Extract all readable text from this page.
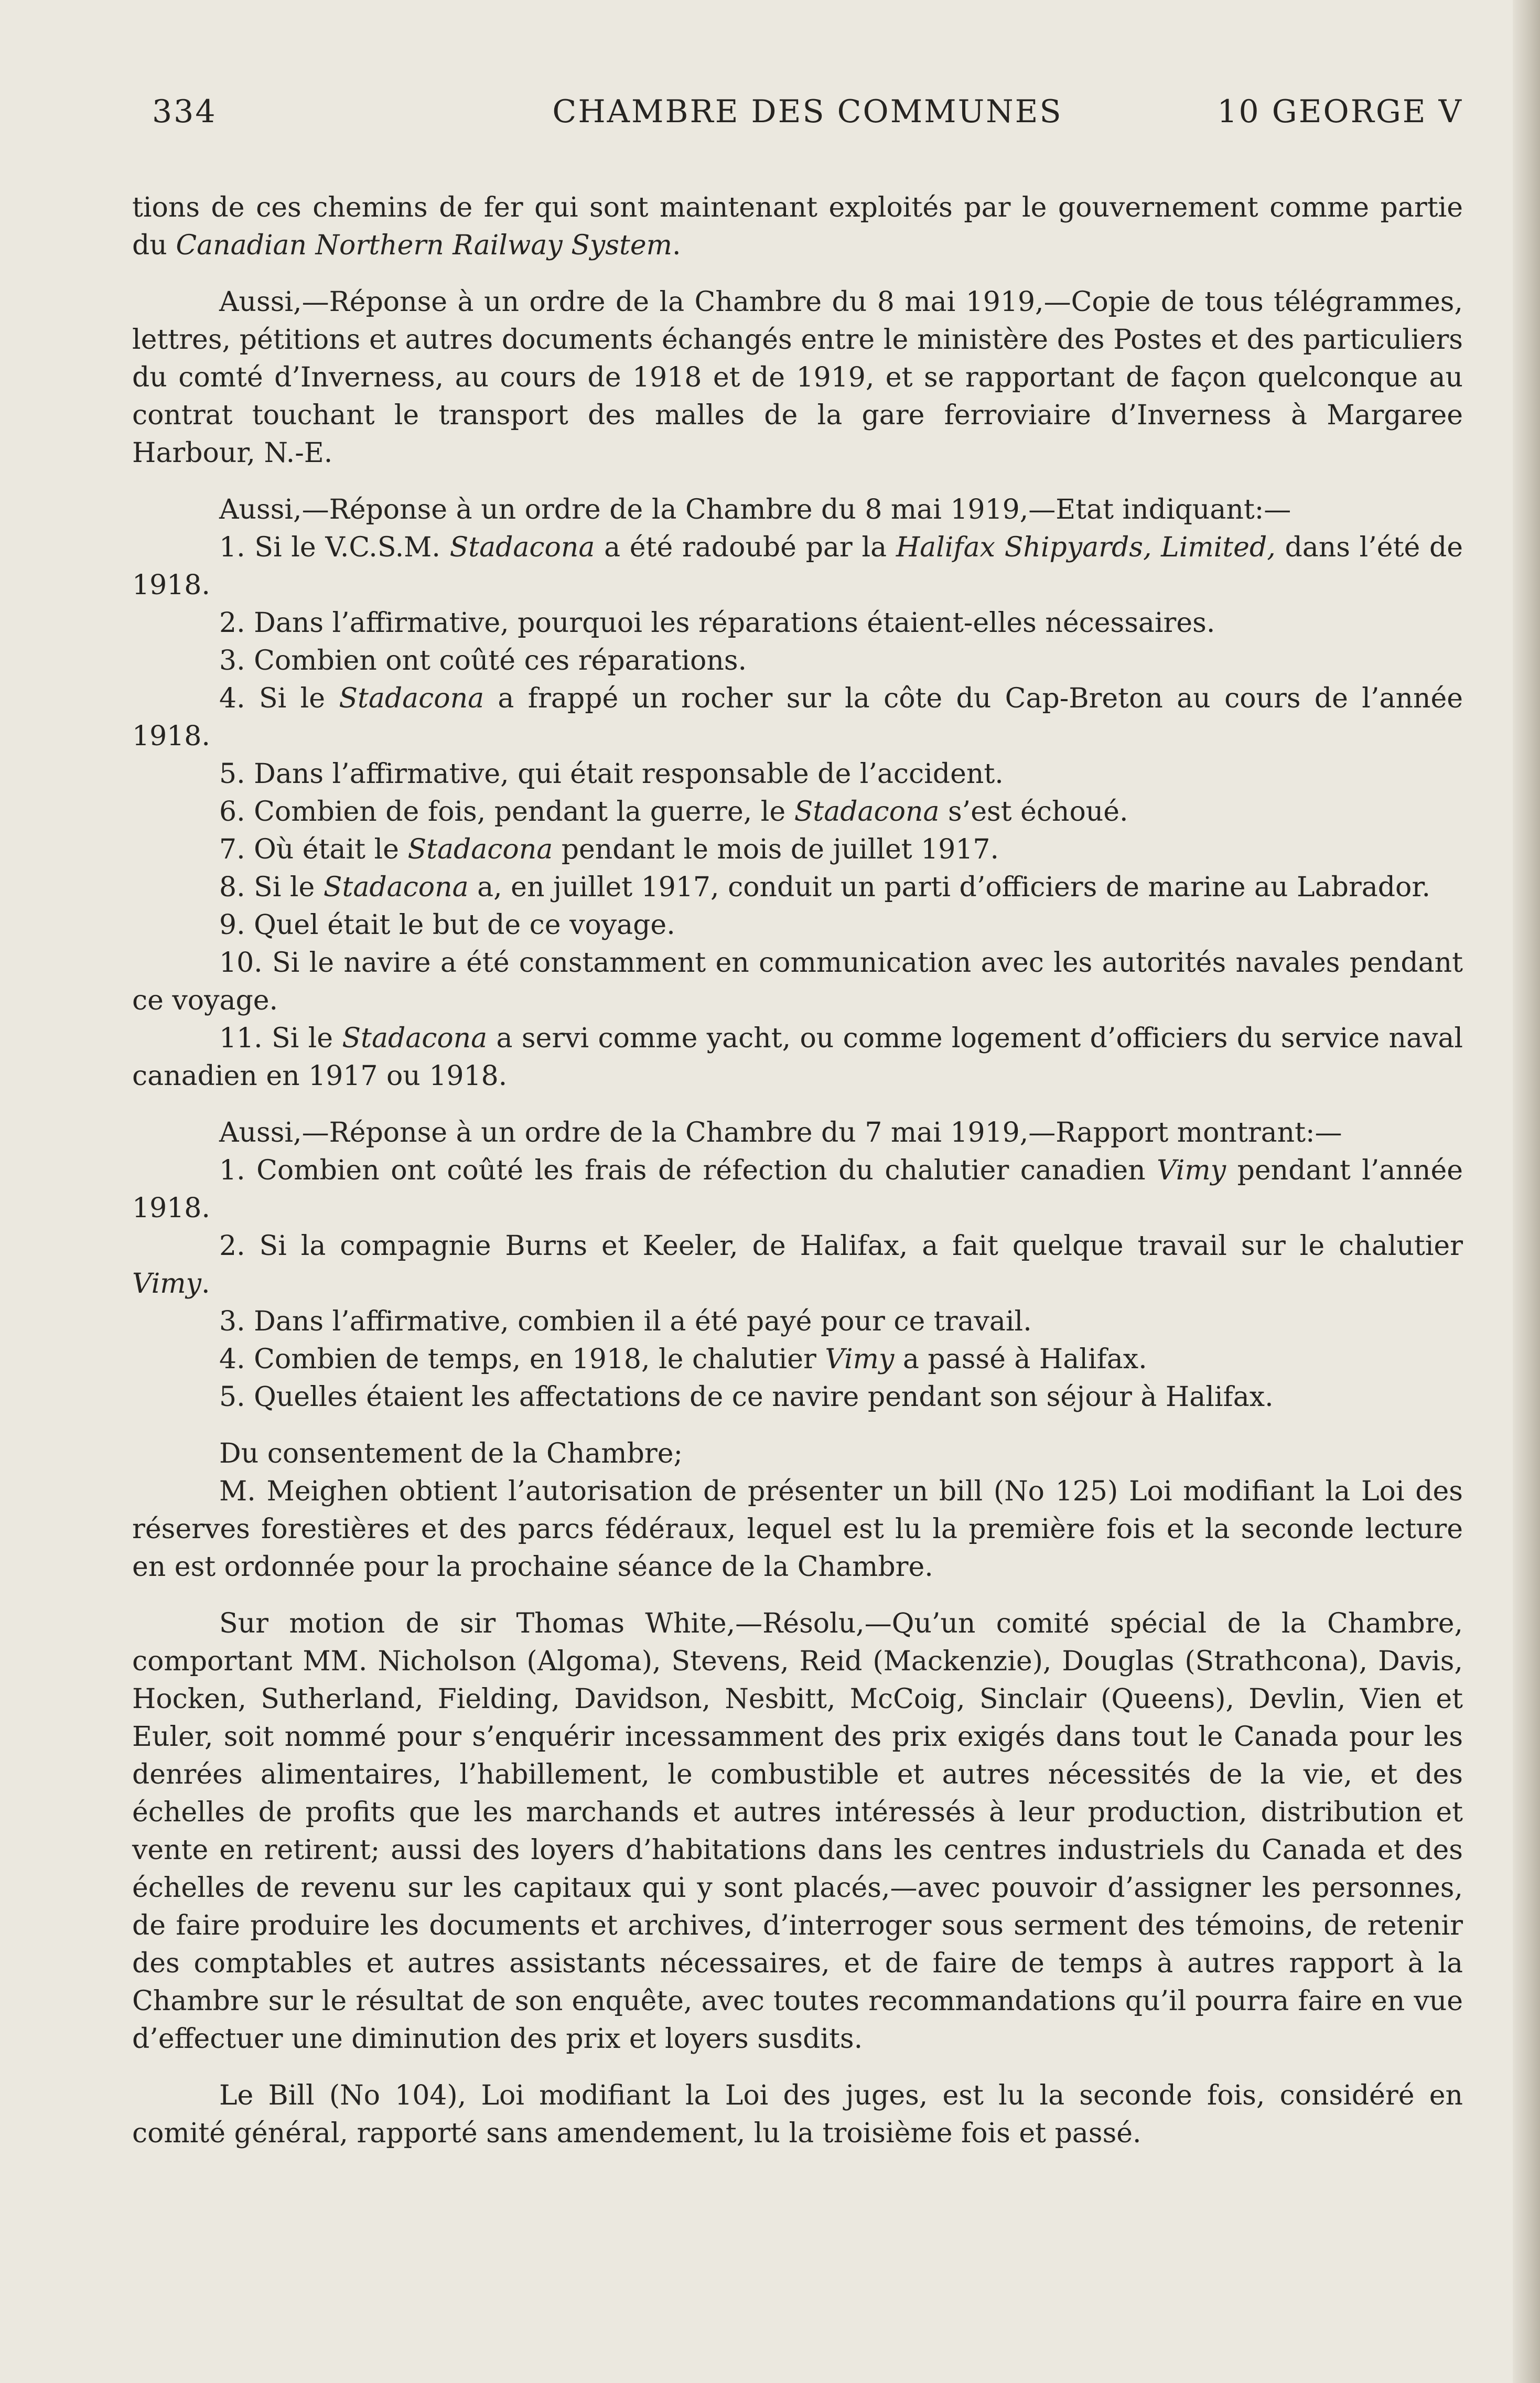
CHAMBRE DES COMMUNES
334	10 GEORGE V

tions de ces chemins de fer qui sont maintenant exploités par le gouvernement comme partie du Canadian Northern Railway System.

Aussi,—Réponse à un ordre de la Chambre du 8 mai 1919,—Copie de tous télégrammes, lettres, pétitions et autres documents échangés entre le ministère des Postes et des particuliers du comté d’Inverness, au cours de 1918 et de 1919, et se rapportant de façon quelconque au contrat touchant le transport des malles de la gare ferroviaire d’Inverness à Margaree Harbour, N.-E.

Aussi,—Réponse à un ordre de la Chambre du 8 mai 1919,—Etat indiquant:—

1. Si le V.C.S.M. Stadacona a été radoubé par la Halifax Shipyards, Limited, dans l’été de 1918.

2. Dans l’affirmative, pourquoi les réparations étaient-elles nécessaires.

3. Combien ont coûté ces réparations.

4. Si le Stadacona a frappé un rocher sur la côte du Cap-Breton au cours de l’année 1918.

5. Dans l’affirmative, qui était responsable de l’accident.

6. Combien de fois, pendant la guerre, le Stadacona s’est échoué.

7. Où était le Stadacona pendant le mois de juillet 1917.

8. Si le Stadacona a, en juillet 1917, conduit un parti d’officiers de marine au Labrador.

9. Quel était le but de ce voyage.

10. Si le navire a été constamment en communication avec les autorités navales pendant ce voyage.

11. Si le Stadacona a servi comme yacht, ou comme logement d’officiers du service naval canadien en 1917 ou 1918.

Aussi,—Réponse à un ordre de la Chambre du 7 mai 1919,—Rapport montrant:—

1. Combien ont coûté les frais de réfection du chalutier canadien Vimy pendant l’année 1918.

2. Si la compagnie Burns et Keeler, de Halifax, a fait quelque travail sur le chalutier Vimy.

3. Dans l’affirmative, combien il a été payé pour ce travail.

4. Combien de temps, en 1918, le chalutier Vimy a passé à Halifax.

5. Quelles étaient les affectations de ce navire pendant son séjour à Halifax.

Du consentement de la Chambre;

M. Meighen obtient l’autorisation de présenter un bill (No 125) Loi modifiant la Loi des réserves forestières et des parcs fédéraux, lequel est lu la première fois et la seconde lecture en est ordonnée pour la prochaine séance de la Chambre.

Sur motion de sir Thomas White,—Résolu,—Qu’un comité spécial de la Chambre, comportant MM. Nicholson (Algoma), Stevens, Reid (Mackenzie), Douglas (Strathcona), Davis, Hocken, Sutherland, Fielding, Davidson, Nesbitt, McCoig, Sinclair (Queens), Devlin, Vien et Euler, soit nommé pour s’enquérir incessamment des prix exigés dans tout le Canada pour les denrées alimentaires, l’habillement, le combustible et autres nécessités de la vie, et des échelles de profits que les marchands et autres intéressés à leur production, distribution et vente en retirent; aussi des loyers d’habitations dans les centres industriels du Canada et des échelles de revenu sur les capitaux qui y sont placés,—avec pouvoir d’assigner les personnes, de faire produire les documents et archives, d’interroger sous serment des témoins, de retenir des comptables et autres assistants nécessaires, et de faire de temps à autres rapport à la Chambre sur le résultat de son enquête, avec toutes recommandations qu’il pourra faire en vue d’effectuer une diminution des prix et loyers susdits.

Le Bill (No 104), Loi modifiant la Loi des juges, est lu la seconde fois, considéré en comité général, rapporté sans amendement, lu la troisième fois et passé.
